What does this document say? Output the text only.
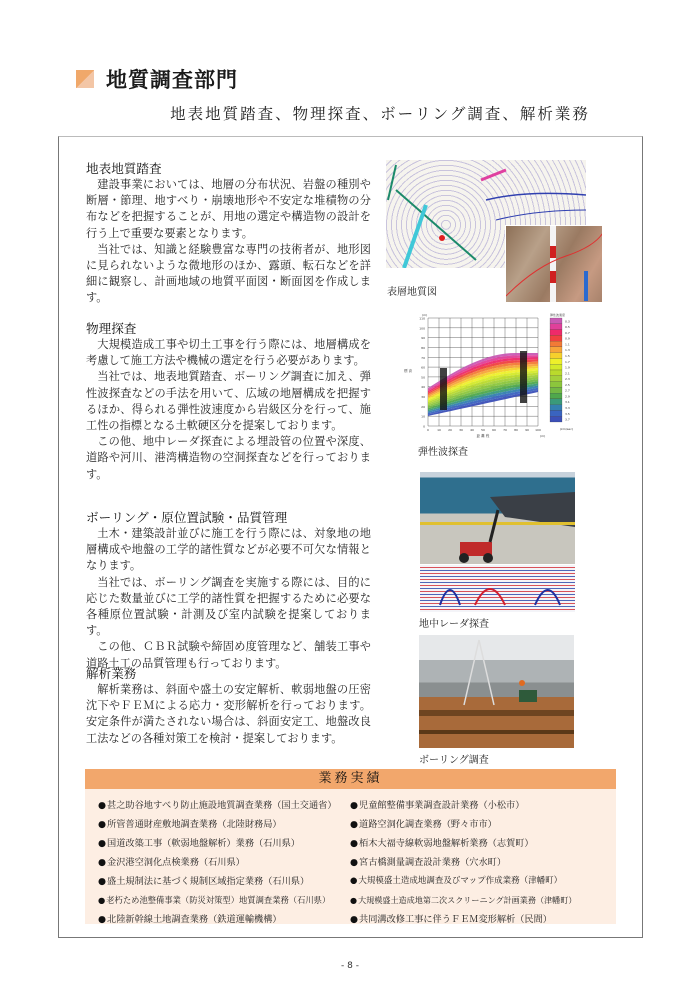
地質調査部門
地表地質踏査、物理探査、ボーリング調査、解析業務
地表地質踏査

建設事業においては、地層の分布状況、岩盤の種別や断層・節理、地すべり・崩壊地形や不安定な堆積物の分布などを把握することが、用地の選定や構造物の設計を行う上で重要な要素となります。

当社では、知識と経験豊富な専門の技術者が、地形図に見られないような微地形のほか、露頭、転石などを詳細に観察し、計画地域の地質平面図・断面図を作成します。

物理探査

大規模造成工事や切土工事を行う際には、地層構成を考慮して施工方法や機械の選定を行う必要があります。

当社では、地表地質踏査、ボーリング調査に加え、弾性波探査などの手法を用いて、広域の地層構成を把握するほか、得られる弾性波速度から岩級区分を行って、施工性の指標となる土軟硬区分を提案しております。

この他、地中レーダ探査による埋設管の位置や深度、道路や河川、港湾構造物の空洞探査などを行っております。

ボーリング・原位置試験・品質管理

土木・建築設計並びに施工を行う際には、対象地の地層構成や地盤の工学的諸性質などが必要不可欠な情報となります。

当社では、ボーリング調査を実施する際には、目的に応じた数量並びに工学的諸性質を把握するために必要な各種原位置試験・計測及び室内試験を提案しております。

この他、ＣＢＲ試験や締固め度管理など、舗装工事や道路土工の品質管理も行っております。

解析業務

解析業務は、斜面や盛土の安定解析、軟弱地盤の圧密沈下やＦＥＭによる応力・変形解析を行っております。安定条件が満たされない場合は、斜面安定工、地盤改良工法などの各種対策工を検討・提案しております。

表層地質図
0
10
20
30
40
50
60
70
80
90
100
110
0	10 20 30 40 50 60 70 80 90 100
標 高
距 離 程
(m)
(m)
弾性波速度
0.3
0.5
0.7
0.9
1.1
1.3
1.5
1.7
1.9
2.1
2.3
2.5
2.7
2.9
3.1
3.3
3.5
3.7
(km/sec)
弾性波探査
地中レーダ探査
ボーリング調査
業務実績
● 甚之助谷地すべり防止施設地質調査業務（国土交通省）
● 所管普通財産敷地調査業務（北陸財務局）
● 国道改築工事（軟弱地盤解析）業務（石川県）
● 金沢港空洞化点検業務（石川県）
● 盛土規制法に基づく規制区域指定業務（石川県）
● 老朽ため池整備事業（防災対策型）地質調査業務（石川県）
● 北陸新幹線土地調査業務（鉄道運輸機構）
● 児童館整備事業調査設計業務（小松市）
● 道路空洞化調査業務（野々市市）
● 栢木大福寺線軟弱地盤解析業務（志賀町）
● 宮古橋測量調査設計業務（穴水町）
● 大規模盛土造成地調査及びマップ作成業務（津幡町）
● 大規模盛土造成地第二次スクリーニング計画業務（津幡町）
● 共同溝改修工事に伴うＦＥＭ変形解析（民間）
- 8 -
